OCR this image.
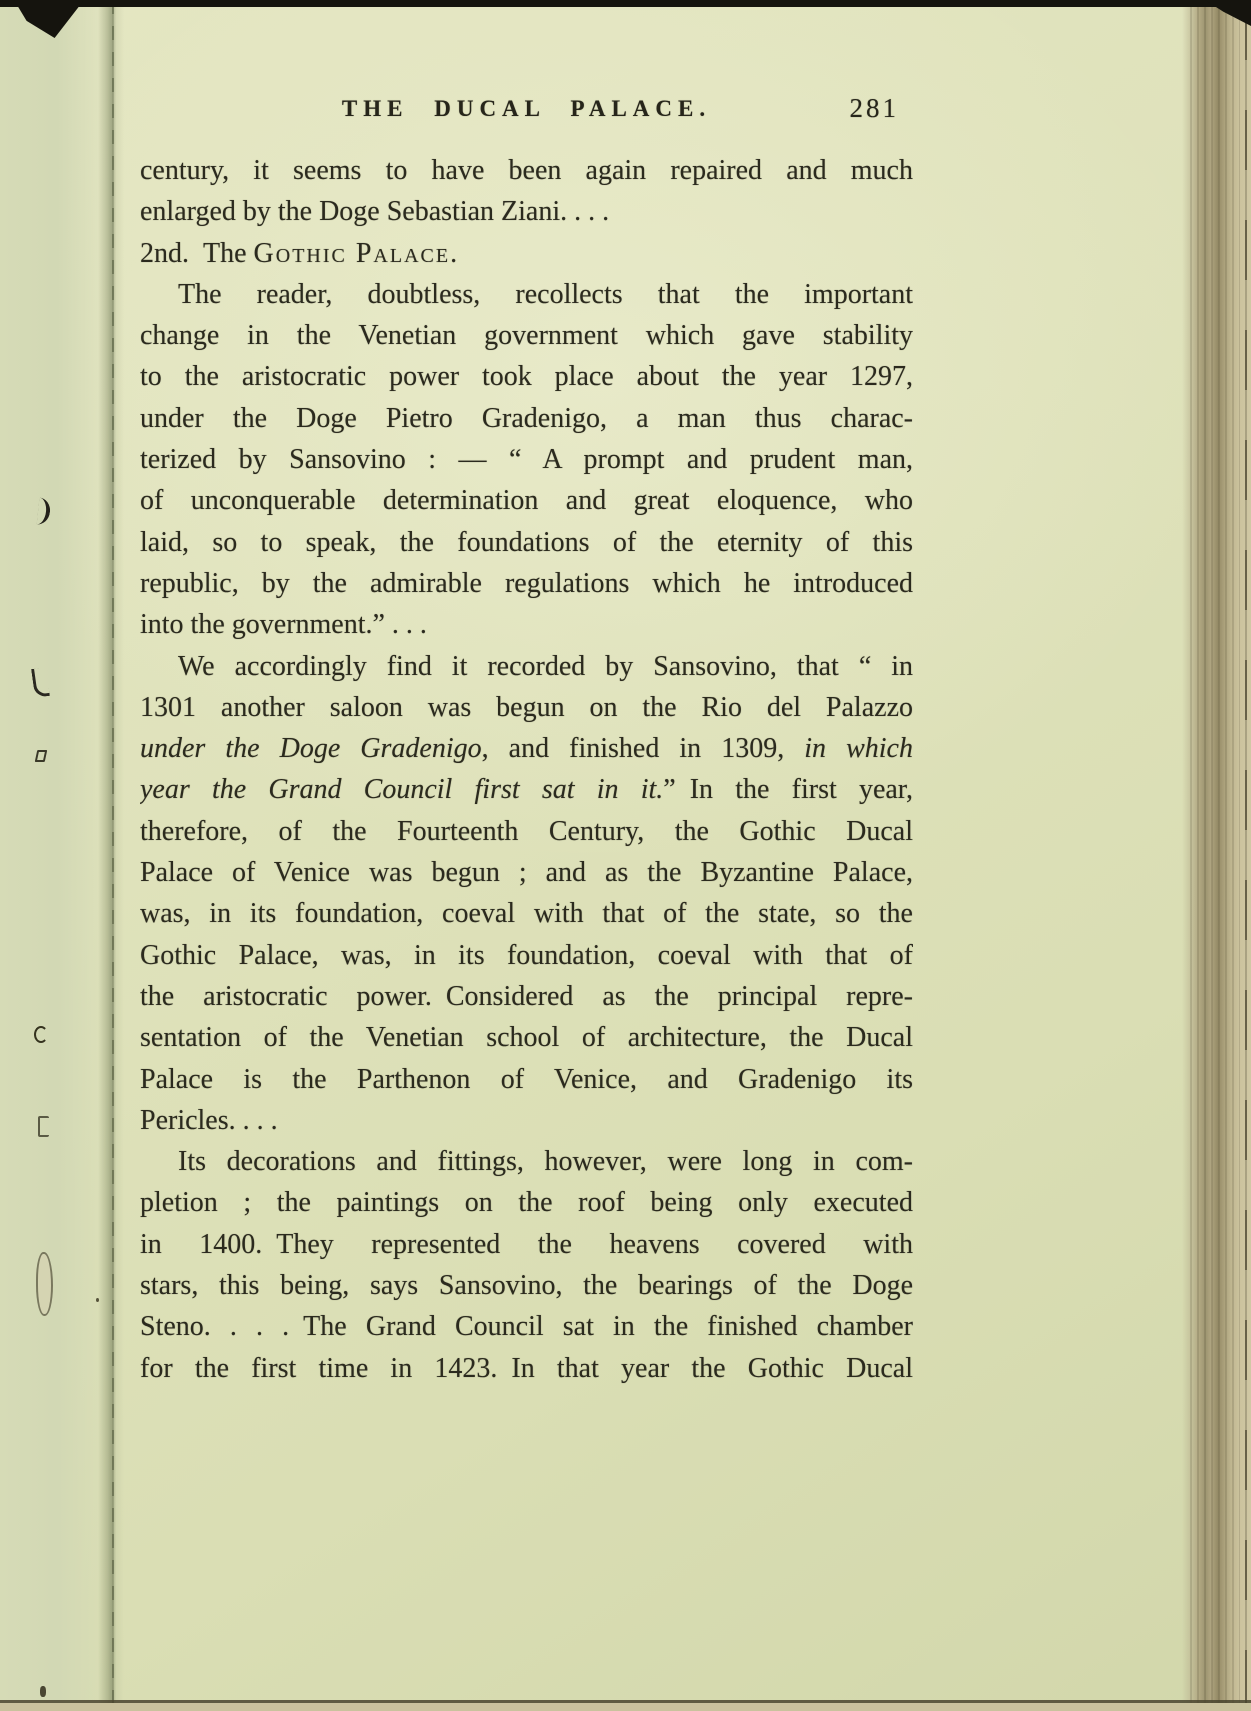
THE DUCAL PALACE.	281
century, it seems to have been again repaired and much
enlarged by the Doge Sebastian Ziani. . . .
2nd. The Gothic Palace.
The reader, doubtless, recollects that the important
change in the Venetian government which gave stability
to the aristocratic power took place about the year 1297,
under the Doge Pietro Gradenigo, a man thus charac-
terized by Sansovino : — “ A prompt and prudent man,
of unconquerable determination and great eloquence, who
laid, so to speak, the foundations of the eternity of this
republic, by the admirable regulations which he introduced
into the government.” . . .
We accordingly find it recorded by Sansovino, that “ in
1301 another saloon was begun on the Rio del Palazzo
under the Doge Gradenigo, and finished in 1309, in which
year the Grand Council first sat in it.” In the first year,
therefore, of the Fourteenth Century, the Gothic Ducal
Palace of Venice was begun ; and as the Byzantine Palace,
was, in its foundation, coeval with that of the state, so the
Gothic Palace, was, in its foundation, coeval with that of
the aristocratic power. Considered as the principal repre-
sentation of the Venetian school of architecture, the Ducal
Palace is the Parthenon of Venice, and Gradenigo its
Pericles. . . .
Its decorations and fittings, however, were long in com-
pletion ; the paintings on the roof being only executed
in 1400. They represented the heavens covered with
stars, this being, says Sansovino, the bearings of the Doge
Steno. . . . The Grand Council sat in the finished chamber
for the first time in 1423. In that year the Gothic Ducal
